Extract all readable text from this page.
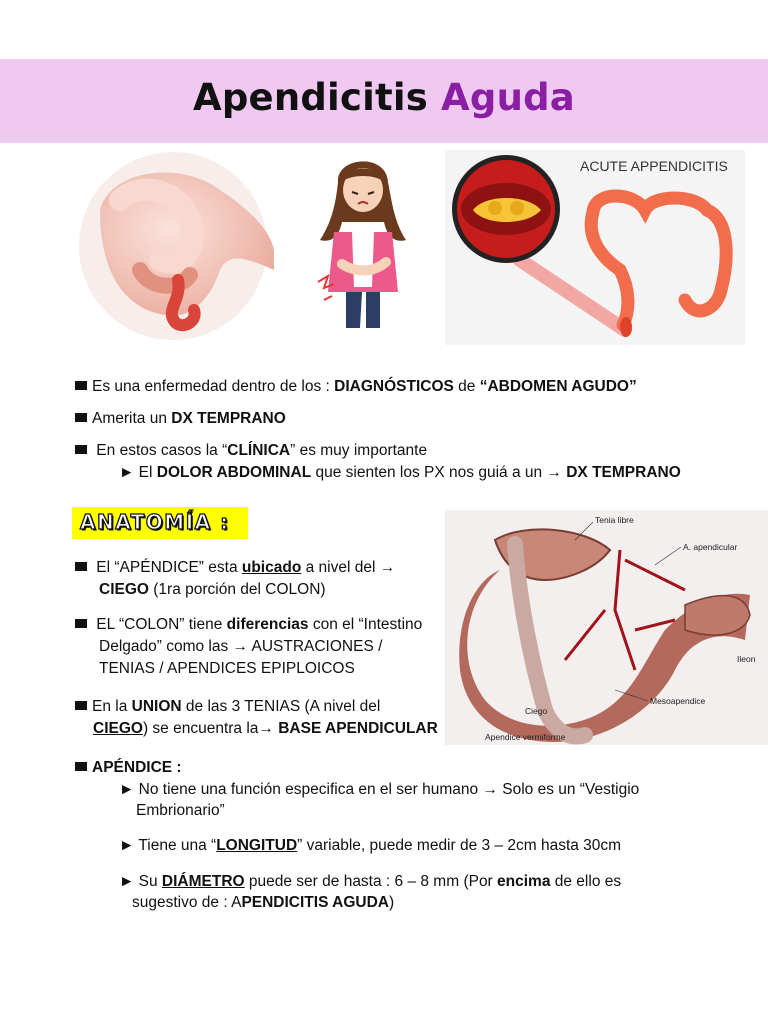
Apendicitis Aguda
ACUTE APPENDICITIS
Es una enfermedad dentro de los : DIAGNÓSTICOS de “ABDOMEN AGUDO”
Amerita un DX TEMPRANO
En estos casos la “CLÍNICA” es muy importante
► El DOLOR ABDOMINAL que sienten los PX nos guiá a un → DX TEMPRANO
ANATOMÍA :	Tenia libre
A. apendicular
Ileon
Mesoapendice
Ciego
Apendice vermiforme
El “APÉNDICE” esta ubicado a nivel del →
CIEGO (1ra porción del COLON)
EL “COLON” tiene diferencias con el “Intestino
Delgado” como las → AUSTRACIONES /
TENIAS / APENDICES EPIPLOICOS
En la UNION de las 3 TENIAS (A nivel del
CIEGO) se encuentra la→ BASE APENDICULAR
APÉNDICE :
► No tiene una función especifica en el ser humano → Solo es un “Vestigio
Embrionario”
► Tiene una “LONGITUD” variable, puede medir de 3 – 2cm hasta 30cm
► Su DIÁMETRO puede ser de hasta : 6 – 8 mm (Por encima de ello es
sugestivo de : APENDICITIS AGUDA)
